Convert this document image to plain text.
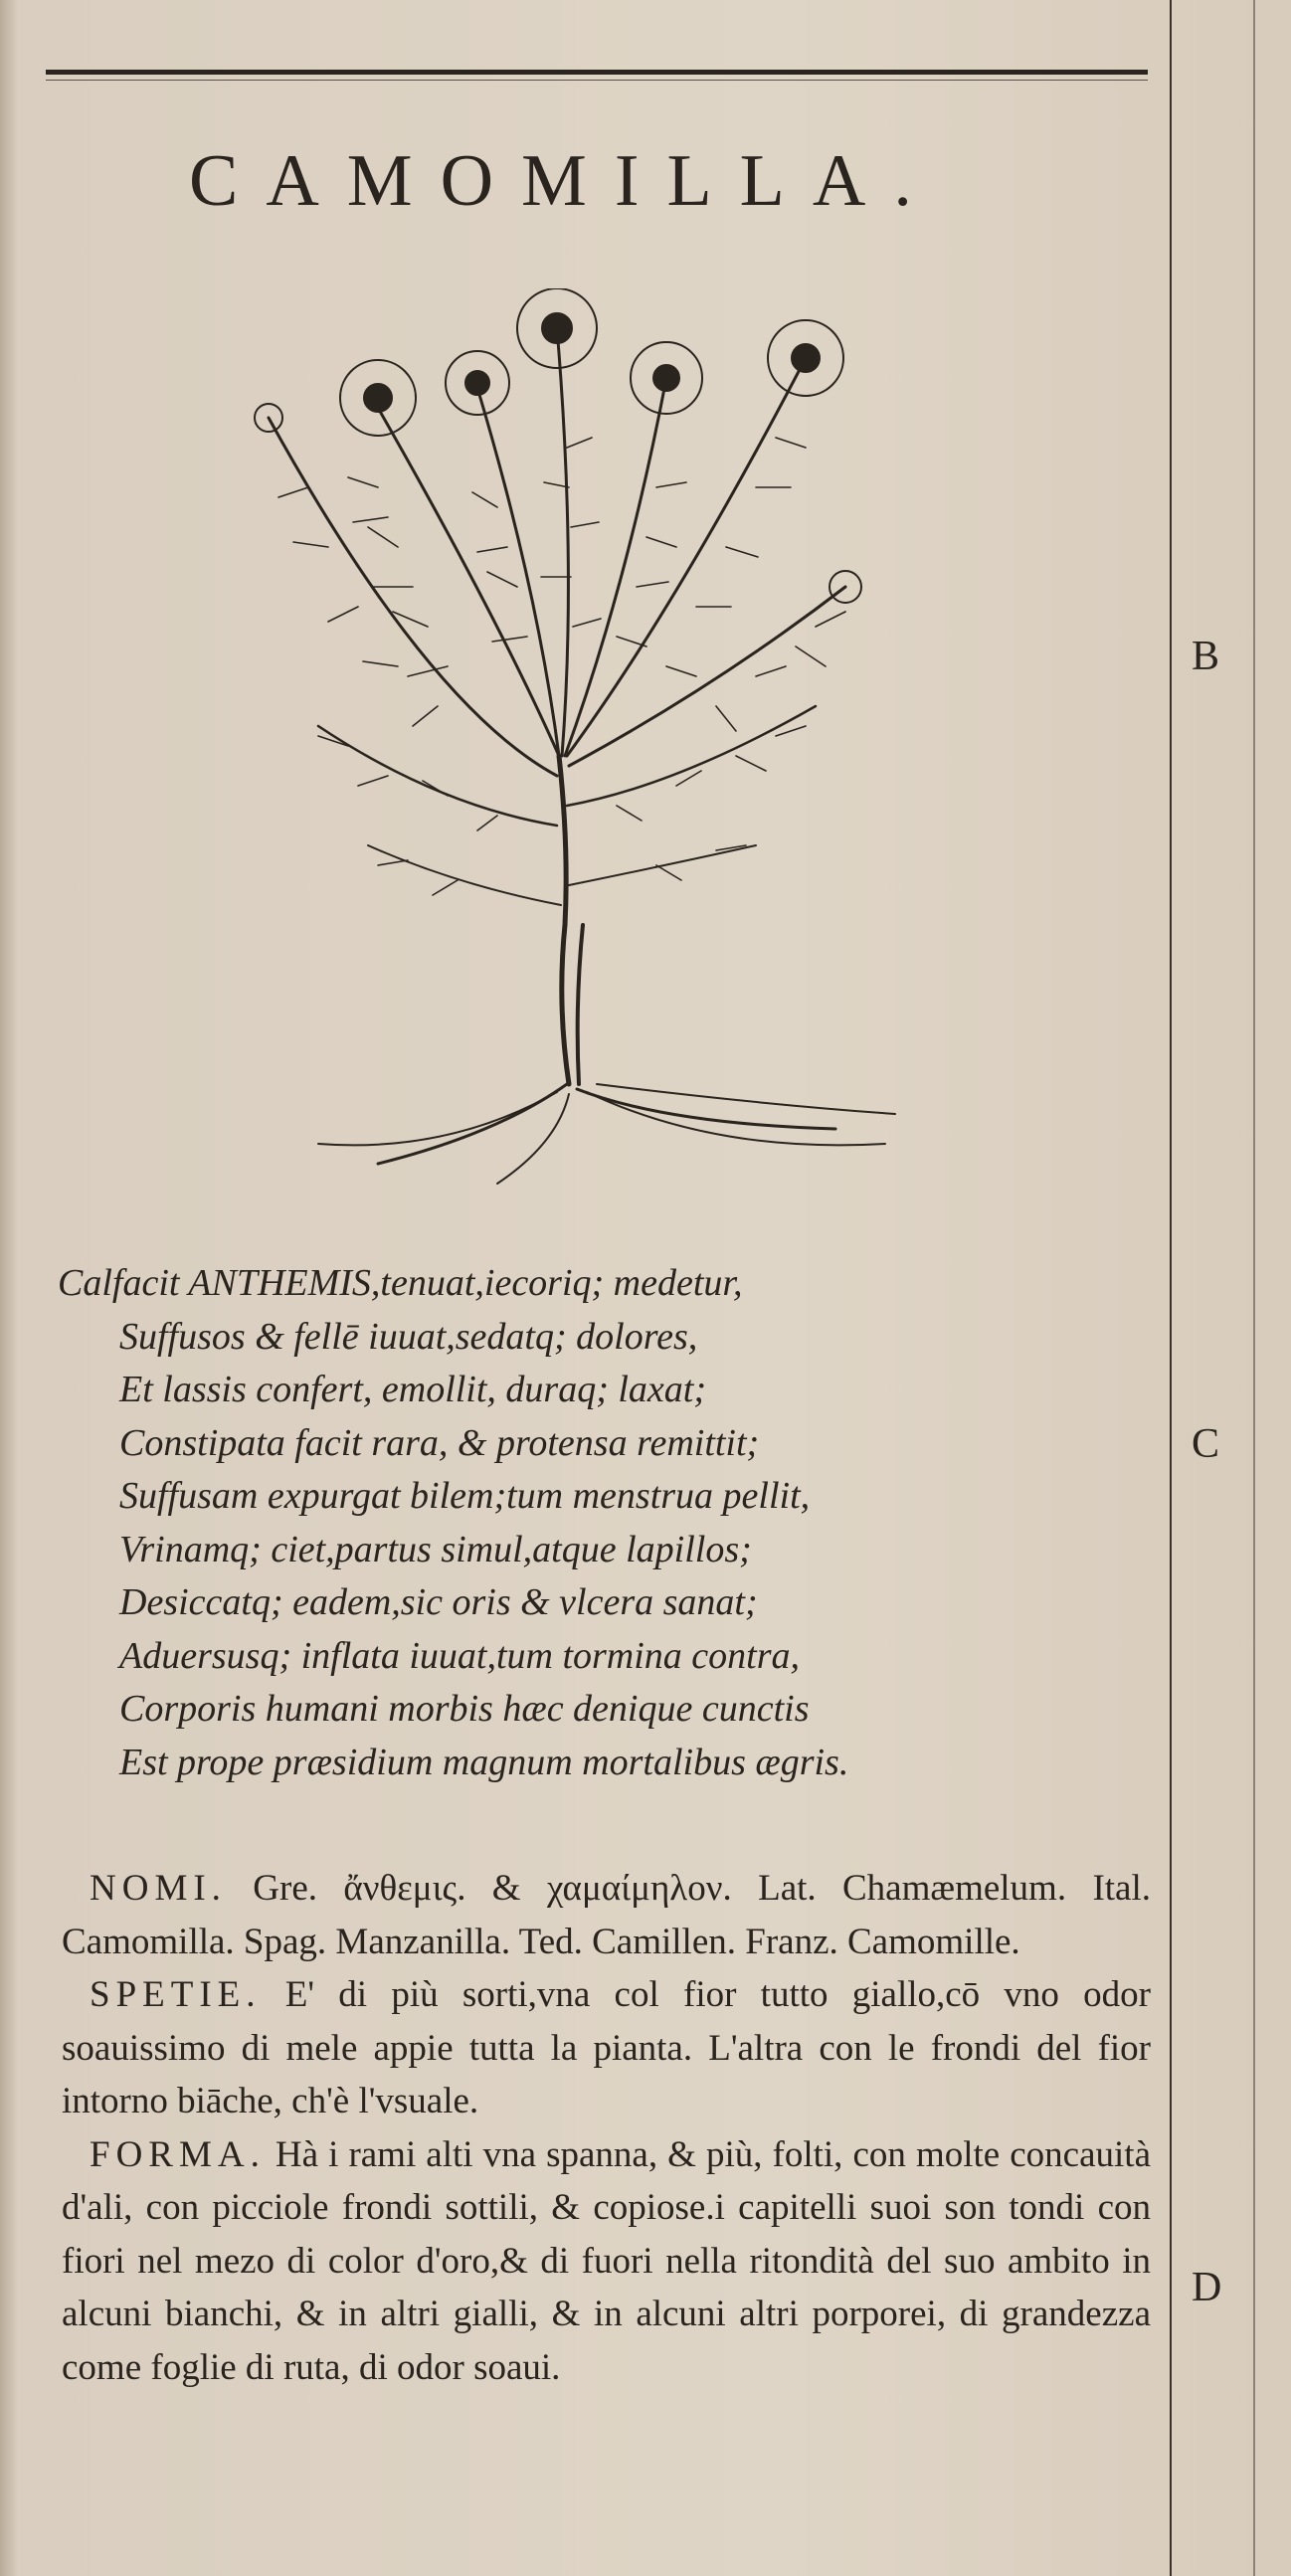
CAMOMILLA.
B
C
D
Calfacit ANTHEMIS,tenuat,iecoriq; medetur,
Suffusos & fellē iuuat,sedatq; dolores,
Et lassis confert, emollit, duraq; laxat;
Constipata facit rara, & protensa remittit;
Suffusam expurgat bilem;tum menstrua pellit,
Vrinamq; ciet,partus simul,atque lapillos;
Desiccatq; eadem,sic oris & vlcera sanat;
Aduersusq; inflata iuuat,tum tormina contra,
Corporis humani morbis hæc denique cunctis
Est prope præsidium magnum mortalibus ægris.

NOMI. Gre. ἄνθεμις. & χαμαίμηλον. Lat. Chamæmelum. Ital. Camomilla. Spag. Manzanilla. Ted. Camillen. Franz. Camomille.

SPETIE. E' di più sorti,vna col fior tutto giallo,cō vno odor soauissimo di mele appie tutta la pianta. L'altra con le frondi del fior intorno biāche, ch'è l'vsuale.

FORMA. Hà i rami alti vna spanna, & più, folti, con molte concauità d'ali, con picciole frondi sottili, & copiose.i capitelli suoi son tondi con fiori nel mezo di color d'oro,& di fuori nella ritondità del suo ambito in alcuni bianchi, & in altri gialli, & in alcuni altri porporei, di grandezza come foglie di ruta, di odor soaui.
